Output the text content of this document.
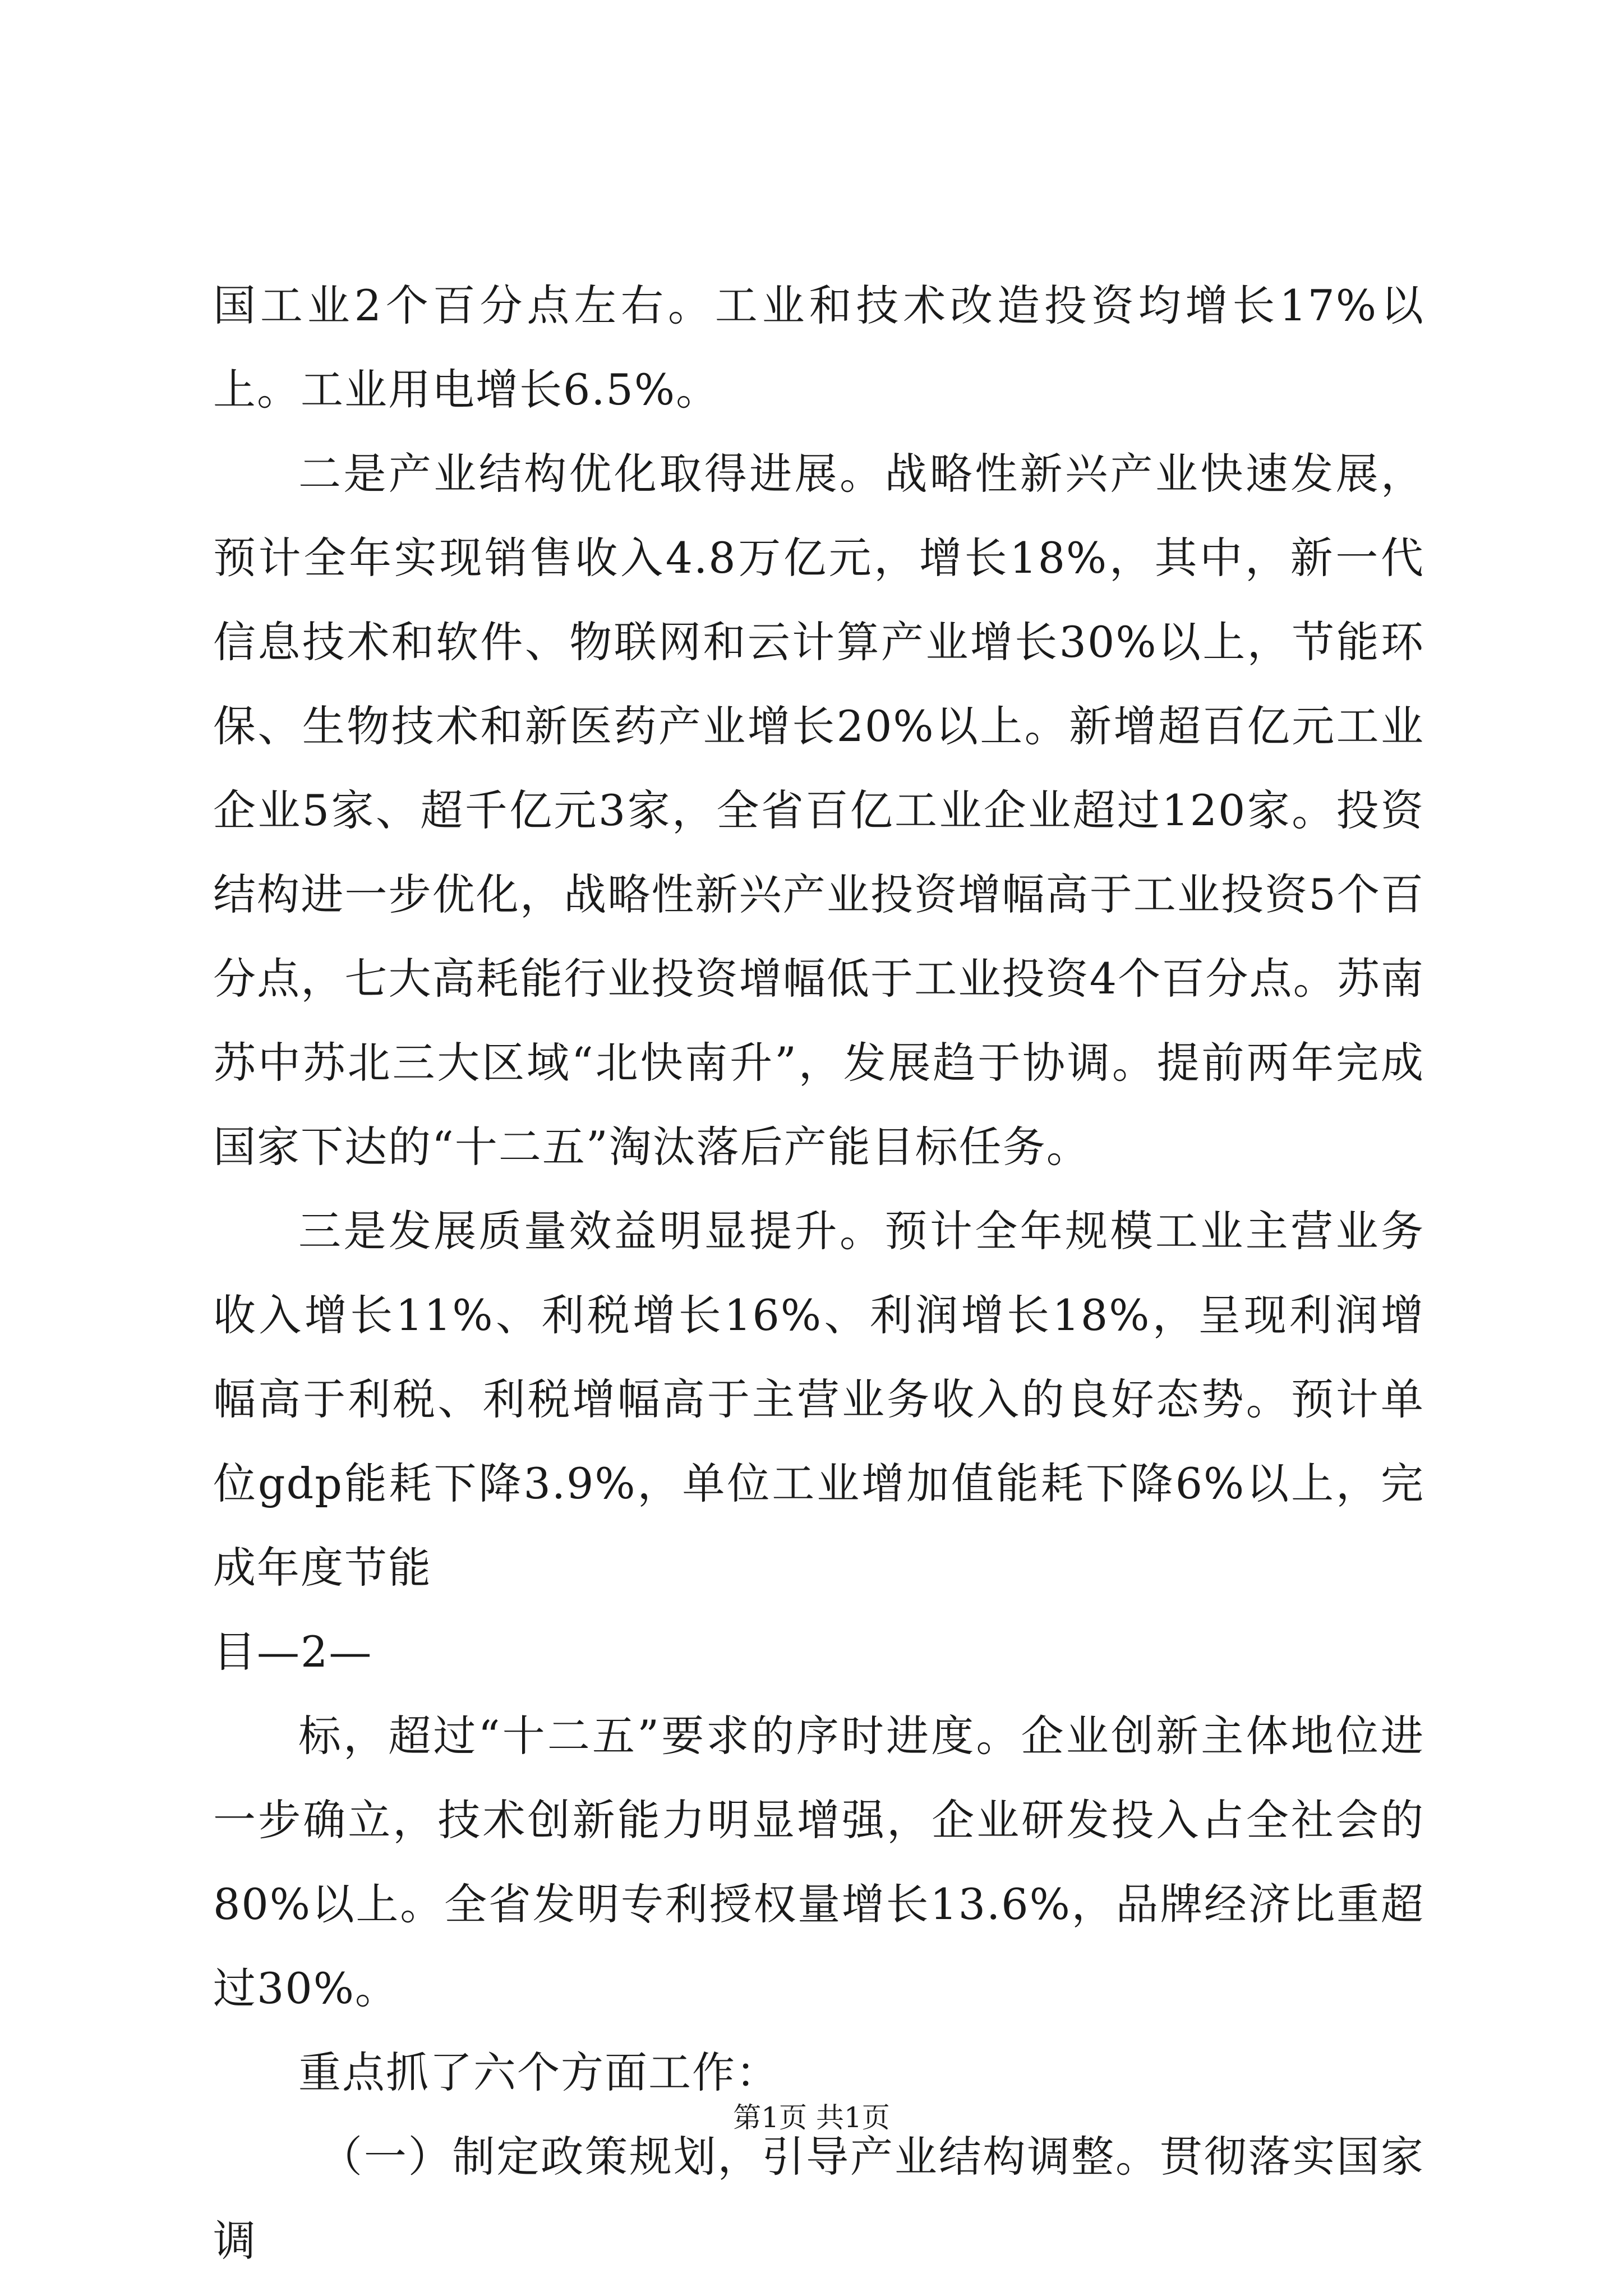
国工业2个百分点左右。工业和技术改造投资均增长17%以上。工业用电增长6.5%。

二是产业结构优化取得进展。战略性新兴产业快速发展，预计全年实现销售收入4.8万亿元，增长18%，其中，新一代信息技术和软件、物联网和云计算产业增长30%以上，节能环保、生物技术和新医药产业增长20%以上。新增超百亿元工业企业5家、超千亿元3家，全省百亿工业企业超过120家。投资结构进一步优化，战略性新兴产业投资增幅高于工业投资5个百分点，七大高耗能行业投资增幅低于工业投资4个百分点。苏南苏中苏北三大区域“北快南升”，发展趋于协调。提前两年完成国家下达的“十二五”淘汰落后产能目标任务。

三是发展质量效益明显提升。预计全年规模工业主营业务收入增长11%、利税增长16%、利润增长18%，呈现利润增幅高于利税、利税增幅高于主营业务收入的良好态势。预计单位gdp能耗下降3.9%，单位工业增加值能耗下降6%以上，完成年度节能

目—2—

标，超过“十二五”要求的序时进度。企业创新主体地位进一步确立，技术创新能力明显增强，企业研发投入占全社会的80%以上。全省发明专利授权量增长13.6%，品牌经济比重超过30%。

重点抓了六个方面工作：

（一）制定政策规划，引导产业结构调整。贯彻落实国家调

第1页 共1页
